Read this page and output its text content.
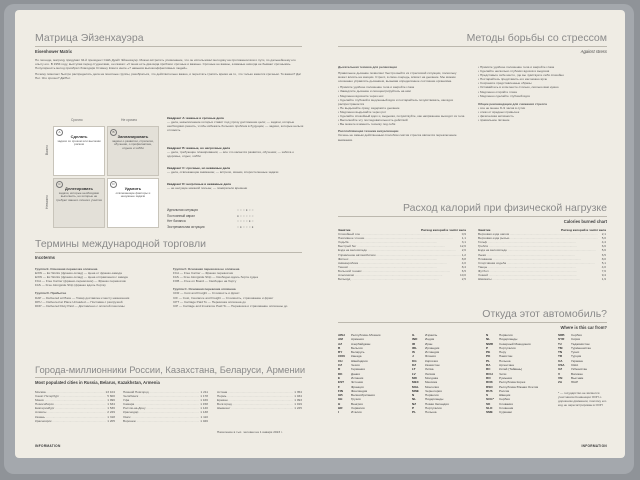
Матрица Эйзенхауэра
Eisenhower Matrix

По легенде, матрицу придумал 34-й президент США Дуайт Эйзенхауэр. Можно встретить упоминание, что он использовал методику на протяжении всего пути, по дальнейшему его опыту его. В 1954 году, выступая перед студентами, он сказал: «У меня есть два вида проблем: срочные и важные. Срочные не важны, а важные никогда не бывают срочными». Популярность метод приобрёл благодаря Стивену Кови и книге «7 навыков высокоэффективных людей».

Почему помогает быстро распределять дела на понятные группы, разобраться, что действительно важно, и перестать тратить время на то, что только кажется срочным. То важно? Да/Нет. Это срочно? Да/Нет.

Срочно	Не срочно
Важно
Неважно
A
Сделать
задачи со сроком или высоким риском
B
Запланировать
задачи о развитии, стратегии, обучении, о профилактике, отдыхе и хобби
C
Делегировать
задачи, которые необходимо выполнить, но которые не требуют вашего личного участия
D
Удалить
отвлекающие факторы и ненужные задачи
Квадрант А: важные и срочные дела
— дела, невыполнение которых ставит под угрозу достижение цели; — задачи, которые необходимо решить, чтобы избежать больших проблем в будущем; — задачи, которые нельзя отложить
Квадрант В: важные, но несрочные дела
— дела, требующие планирования; — все что касается развития, обучения; — забота о здоровье, отдых, хобби
Квадрант С: срочные, но неважные дела
— дела, отвлекающие внимание; — встречи, звонки, второстепенные задачи
Квадрант D: несрочные и неважные дела
— не несущие никакой пользы; — пожиратели времени
Идеальная ситуация	○○○●○○
Постоянный аврал	●○○○○○
Нет баланса	○○○○●○
Экстремальная ситуация	○●○○○●
Термины международной торговли
Incoterms
Группа E. Основная перевозка оплачена
EXW — Ex Works (франко-склад) — Цена от франко-завода
EXW — Ex Works (франко-склад) — Цена отправления с завода
FCA — Free Carrier (франко-перевозчик) — Франко перевозчик
FAS — Free Alongside Ship (франко вдоль борта)
Группа D. Прибытие
DAP — Delivered at Place — Товар доставлен к месту назначения
DPU — Delivered at Place Unloaded — Поставка с разгрузкой
DDP — Delivered Duty Paid — Доставлено с оплатой пошлины
Группа F. Основная перевозка не оплачена
FCA — Free Carrier — Франко перевозчик
FAS — Free Alongside Ship — Свободно вдоль борта судна
FOB — Free on Board — Свободно на борту
Группа C. Основная перевозка оплачена
CFR — Cost and Freight — Стоимость и фрахт
CIF — Cost, Insurance and Freight — Стоимость, страхование и фрахт
CPT — Carriage Paid To — Перевозка оплачена до
CIP — Carriage and Insurance Paid To — Перевозка и страхование оплачены до
Города-миллионники России, Казахстана, Беларуси, Армении
Most populated cities in Russia, Belarus, Kazakhstan, Armenia
Москва .....	13 104
Санкт-Петербург .....	5 600
Минск .....	1 996
Новосибирск .....	1 634
Екатеринбург .....	1 536
Алматы .....	2 229
Казань .....	1 318
Красноярск .....	1 205
Нижний Новгород .....	1 211
Челябинск .....	1 178
Уфа .....	1 166
Самара .....	1 158
Ростов-на-Дону .....	1 140
Краснодар .....	1 138
Омск .....	1 110
Воронеж .....	1 046
Астана .....	1 354
Пермь .....	1 034
Ереван .....	1 093
Волгоград .....	1 019
Шымкент .....	1 225
Население в тыс. человек на 1 января 2023 г.
INFORMATION
Методы борьбы со стрессом
Against stress
Дыхательная техника для релаксации
Правильное дыхание позволяет быстро выйти из стрессовой ситуации, поскольку может влиять на эмоции. Стресс, в свою очередь, влияет на дыхание. Мы можем осознанно управлять дыханием, вызывая определённое состояние организма.
• Примите удобное положение тела и закройте глаза
• Замедлите дыхание и сконцентрируйтесь на нём
• Медленно вдохните через нос
• Сделайте глубокий и медленный вдох и постарайтесь почувствовать, как вдох распространяется
• Не выдыхайте сразу, задержите дыхание
• Медленно выдыхайте через рот
• Сделайте спокойный вдох и, выдыхая, почувствуйте, как напряжение выходит из тела
• Выполняйте эту последовательность действий
• Вы можете изменить технику под себя
Расслабляющая техника визуализации
Оочень не самым действенным способом снятия стресса является переключение внимания.
• Примите удобное положение тела и закройте глаза
• Сделайте несколько глубоких вдохов и выдохов
• Представьте себе место, где вы чувствуете себя спокойно
• Постарайтесь представить его как можно ярче
• Сохраните представленные образы
• Оставайтесь в этом месте столько, сколько вам нужно
• Медленно откройте глаза
• Медленно сделайте глубокий вдох
Общие рекомендации для снижения стресса
• сон не менее 8–9 часов в сутки
• отказ от вредных привычек
• физическая активность
• правильное питание
Расход калорий при физической нагрузке
Calories burned chart
Занятие	Расход калорий в час/кг веса
Спокойный сон .....	0,9
Пассивное чтение .....	1,1
Ходьба .....	3,1
Быстрый бег .....	12,6
Езда на велосипеде .....	2,6
Управление автомобилем .....	1,2
Фитнес .....	8,8
Аквааэробика .....	4,0
Теннис .....	8,4
Большой теннис .....	6,5
Альпинизм .....	10,0
Бильярд .....	2,5
Занятие	Расход калорий в час/кг веса
Верховая езда шагом .....	2,1
Верховая езда рысью .....	5,0
Гольф .....	4,4
Гребля .....	6,6
Езда на велосипеде .....	5,6
Лыжи .....	6,5
Плавание .....	8,0
Спортивная ходьба .....	5,1
Танцы .....	4,0
Футбол .....	7,6
Хоккей .....	9,4
Шахматы .....	1,9
Откуда этот автомобиль?
Where is this car from?
N	Норвегия
NL	Нидерланды
NMR Северный Македония
P	Португалия
PE	Перу
PK	Пакистан
PL	Польша
RA	Аргентина
RC	Китай (Тайвань)
RCH Чили
RO	Румыния
ROK Республика Корея
RSO Республика Южная Осетия
RUS Россия
S	Швеция
SCG* Сербия
SK	Словакия
SLO Словения
SME Суринам
SRB Сербия
SYR Сирия
TJ	Таджикистан
TM	Туркменистан
TN	Тунис
TR	Турция
UA	Украина
USA США
UZ	Узбекистан
V	Ватикан
VN	Вьетнам
ZA	ЮАР
* — государство не является участником Конвенции ООН о дорожном движении, поэтому его код не зарегистрирован в ООН
INFORMATION
ABH Республика Абхазия
AM	Армения
AZ	Азербайджан
B	Бельгия
BY	Беларусь
CDN Канада
CH	Швейцария
CZ	Чехия
D	Германия
DK	Дания
E	Испания
EST Эстония
F	Франция
FIN	Финляндия
GB	Великобритания
GE	Грузия
H	Венгрия
HR	Хорватия
I	Италия
IL	Израиль
IND Индия
IR	Иран
IRL	Ирландия
IS	Исландия
J	Япония
KG	Киргизия
KZ	Казахстан
LT	Литва
LV	Латвия
MD	Молдова
MEX Мексика
MGL Монголия
MNE Черногория
N	Норвегия
NL	Нидерланды
NZ	Новая Зеландия
P	Португалия
PL	Польша
